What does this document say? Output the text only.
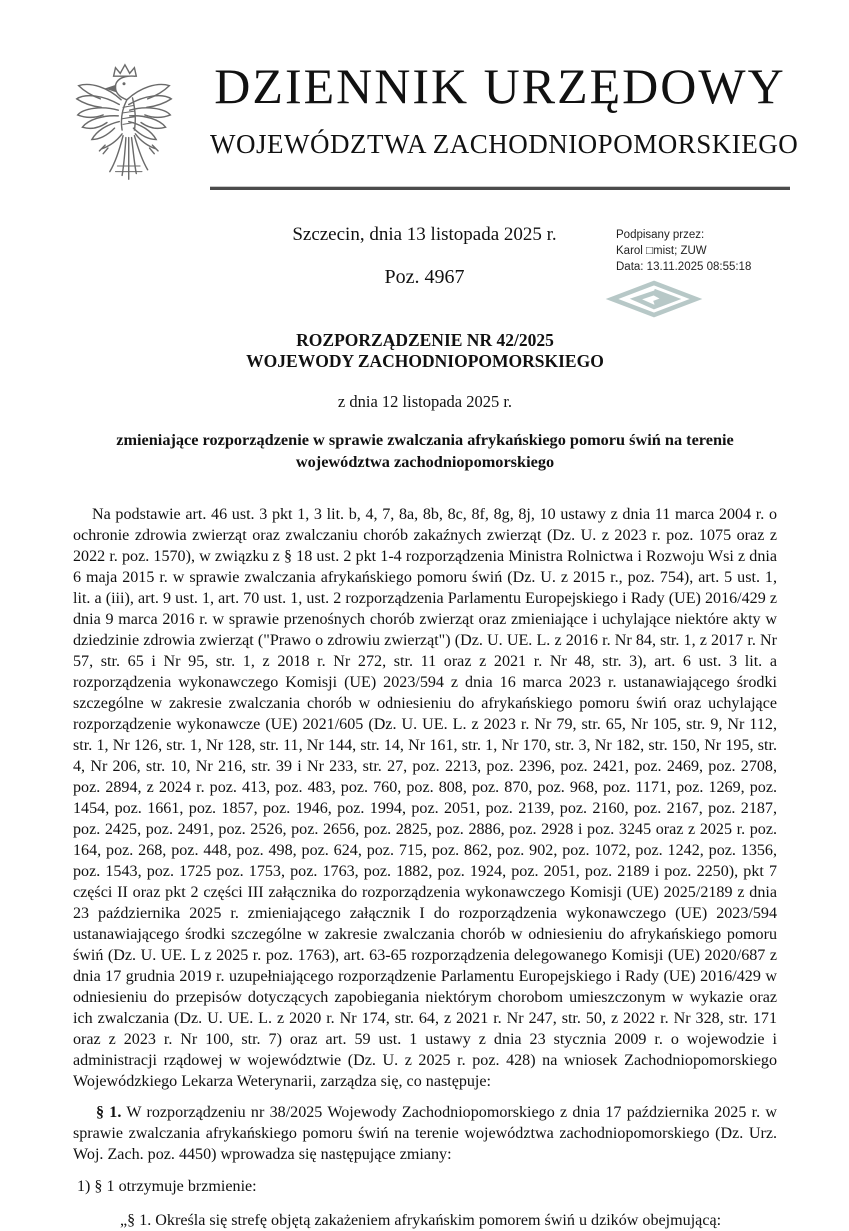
DZIENNIK URZĘDOWY
WOJEWÓDZTWA ZACHODNIOPOMORSKIEGO
Szczecin, dnia 13 listopada 2025 r.	Podpisany przez:
Karol □mist; ZUW
Data: 13.11.2025 08:55:18
Poz. 4967

ROZPORZĄDZENIE NR 42/2025
WOJEWODY ZACHODNIOPOMORSKIEGO

z dnia 12 listopada 2025 r.

zmieniające rozporządzenie w sprawie zwalczania afrykańskiego pomoru świń na terenie województwa zachodniopomorskiego

Na podstawie art. 46 ust. 3 pkt 1, 3 lit. b, 4, 7, 8a, 8b, 8c, 8f, 8g, 8j, 10 ustawy z dnia 11 marca 2004 r. o ochronie zdrowia zwierząt oraz zwalczaniu chorób zakaźnych zwierząt (Dz. U. z 2023 r. poz. 1075 oraz z 2022 r. poz. 1570), w związku z § 18 ust. 2 pkt 1-4 rozporządzenia Ministra Rolnictwa i Rozwoju Wsi z dnia 6 maja 2015 r. w sprawie zwalczania afrykańskiego pomoru świń (Dz. U. z 2015 r., poz. 754), art. 5 ust. 1, lit. a (iii), art. 9 ust. 1, art. 70 ust. 1, ust. 2 rozporządzenia Parlamentu Europejskiego i Rady (UE) 2016/429 z dnia 9 marca 2016 r. w sprawie przenośnych chorób zwierząt oraz zmieniające i uchylające niektóre akty w dziedzinie zdrowia zwierząt ("Prawo o zdrowiu zwierząt") (Dz. U. UE. L. z 2016 r. Nr 84, str. 1, z 2017 r. Nr 57, str. 65 i Nr 95, str. 1, z 2018 r. Nr 272, str. 11 oraz z 2021 r. Nr 48, str. 3), art. 6 ust. 3 lit. a rozporządzenia wykonawczego Komisji (UE) 2023/594 z dnia 16 marca 2023 r. ustanawiającego środki szczególne w zakresie zwalczania chorób w odniesieniu do afrykańskiego pomoru świń oraz uchylające rozporządzenie wykonawcze (UE) 2021/605 (Dz. U. UE. L. z 2023 r. Nr 79, str. 65, Nr 105, str. 9, Nr 112, str. 1, Nr 126, str. 1, Nr 128, str. 11, Nr 144, str. 14, Nr 161, str. 1, Nr 170, str. 3, Nr 182, str. 150, Nr 195, str. 4, Nr 206, str. 10, Nr 216, str. 39 i Nr 233, str. 27, poz. 2213, poz. 2396, poz. 2421, poz. 2469, poz. 2708, poz. 2894, z 2024 r. poz. 413, poz. 483, poz. 760, poz. 808, poz. 870, poz. 968, poz. 1171, poz. 1269, poz. 1454, poz. 1661, poz. 1857, poz. 1946, poz. 1994, poz. 2051, poz. 2139, poz. 2160, poz. 2167, poz. 2187, poz. 2425, poz. 2491, poz. 2526, poz. 2656, poz. 2825, poz. 2886, poz. 2928 i poz. 3245 oraz z 2025 r. poz. 164, poz. 268, poz. 448, poz. 498, poz. 624, poz. 715, poz. 862, poz. 902, poz. 1072, poz. 1242, poz. 1356, poz. 1543, poz. 1725 poz. 1753, poz. 1763, poz. 1882, poz. 1924, poz. 2051, poz. 2189 i poz. 2250), pkt 7 części II oraz pkt 2 części III załącznika do rozporządzenia wykonawczego Komisji (UE) 2025/2189 z dnia 23 października 2025 r. zmieniającego załącznik I do rozporządzenia wykonawczego (UE) 2023/594 ustanawiającego środki szczególne w zakresie zwalczania chorób w odniesieniu do afrykańskiego pomoru świń (Dz. U. UE. L z 2025 r. poz. 1763), art. 63-65 rozporządzenia delegowanego Komisji (UE) 2020/687 z dnia 17 grudnia 2019 r. uzupełniającego rozporządzenie Parlamentu Europejskiego i Rady (UE) 2016/429 w odniesieniu do przepisów dotyczących zapobiegania niektórym chorobom umieszczonym w wykazie oraz ich zwalczania (Dz. U. UE. L. z 2020 r. Nr 174, str. 64, z 2021 r. Nr 247, str. 50, z 2022 r. Nr 328, str. 171 oraz z 2023 r. Nr 100, str. 7) oraz art. 59 ust. 1 ustawy z dnia 23 stycznia 2009 r. o wojewodzie i administracji rządowej w województwie (Dz. U. z 2025 r. poz. 428) na wniosek Zachodniopomorskiego Wojewódzkiego Lekarza Weterynarii, zarządza się, co następuje:

§ 1. W rozporządzeniu nr 38/2025 Wojewody Zachodniopomorskiego z dnia 17 października 2025 r. w sprawie zwalczania afrykańskiego pomoru świń na terenie województwa zachodniopomorskiego (Dz. Urz. Woj. Zach. poz. 4450) wprowadza się następujące zmiany:

1) § 1 otrzymuje brzmienie:

„§ 1. Określa się strefę objętą zakażeniem afrykańskim pomorem świń u dzików obejmującą:
